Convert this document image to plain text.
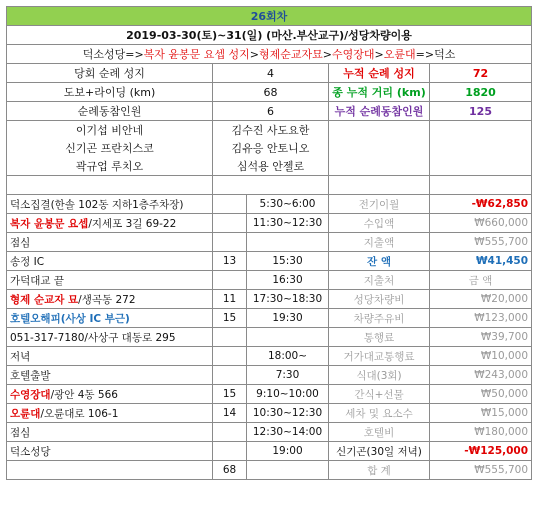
26회차				
2019-03-30(토)~31(일) (마산.부산교구)/성당차량이용				
덕소성당=>복자 윤봉문 요셉 성지>형제순교자묘>수영장대>오륜대=>덕소				
당회 순례 성지	4		누적 순례 성지	72
도보+라이딩 (km)	68		종 누적 거리 (km)	1820
순례동참인원	6		누적 순례동참인원	125
이기섭 비안네	김수진 사도요한			
신기곤 프란치스코	김유응 안토니오			
곽규업 루치오	심석용 안젤로			

덕소집결(한솔 102동 지하1층주차장)		5:30~6:00	전기이월	-₩62,850
복자 윤봉문 요셉/지세포 3길 69-22		11:30~12:30	수입액	₩660,000
점심			지출액	₩555,700
송정 IC	13	15:30	잔 액	₩41,450
가덕대교 끝		16:30	지출처	금 액
형제 순교자 묘/생곡동 272	11	17:30~18:30	성당차량비	₩20,000
호텔오해피(사상 IC 부근)	15	19:30	차량주유비	₩123,000
051-317-7180/사상구 대동로 295			통행료	₩39,700
저녁		18:00~	거가대교통행료	₩10,000
호텔출발		7:30	식대(3회)	₩243,000
수영장대/광안 4동 566	15	9:10~10:00	간식+선물	₩50,000
오륜대/오륜대로 106-1	14	10:30~12:30	세차 및 요소수	₩15,000
점심		12:30~14:00	호텔비	₩180,000
덕소성당		19:00	신기곤(30일 저녁)	-₩125,000
	68		합 계	₩555,700
